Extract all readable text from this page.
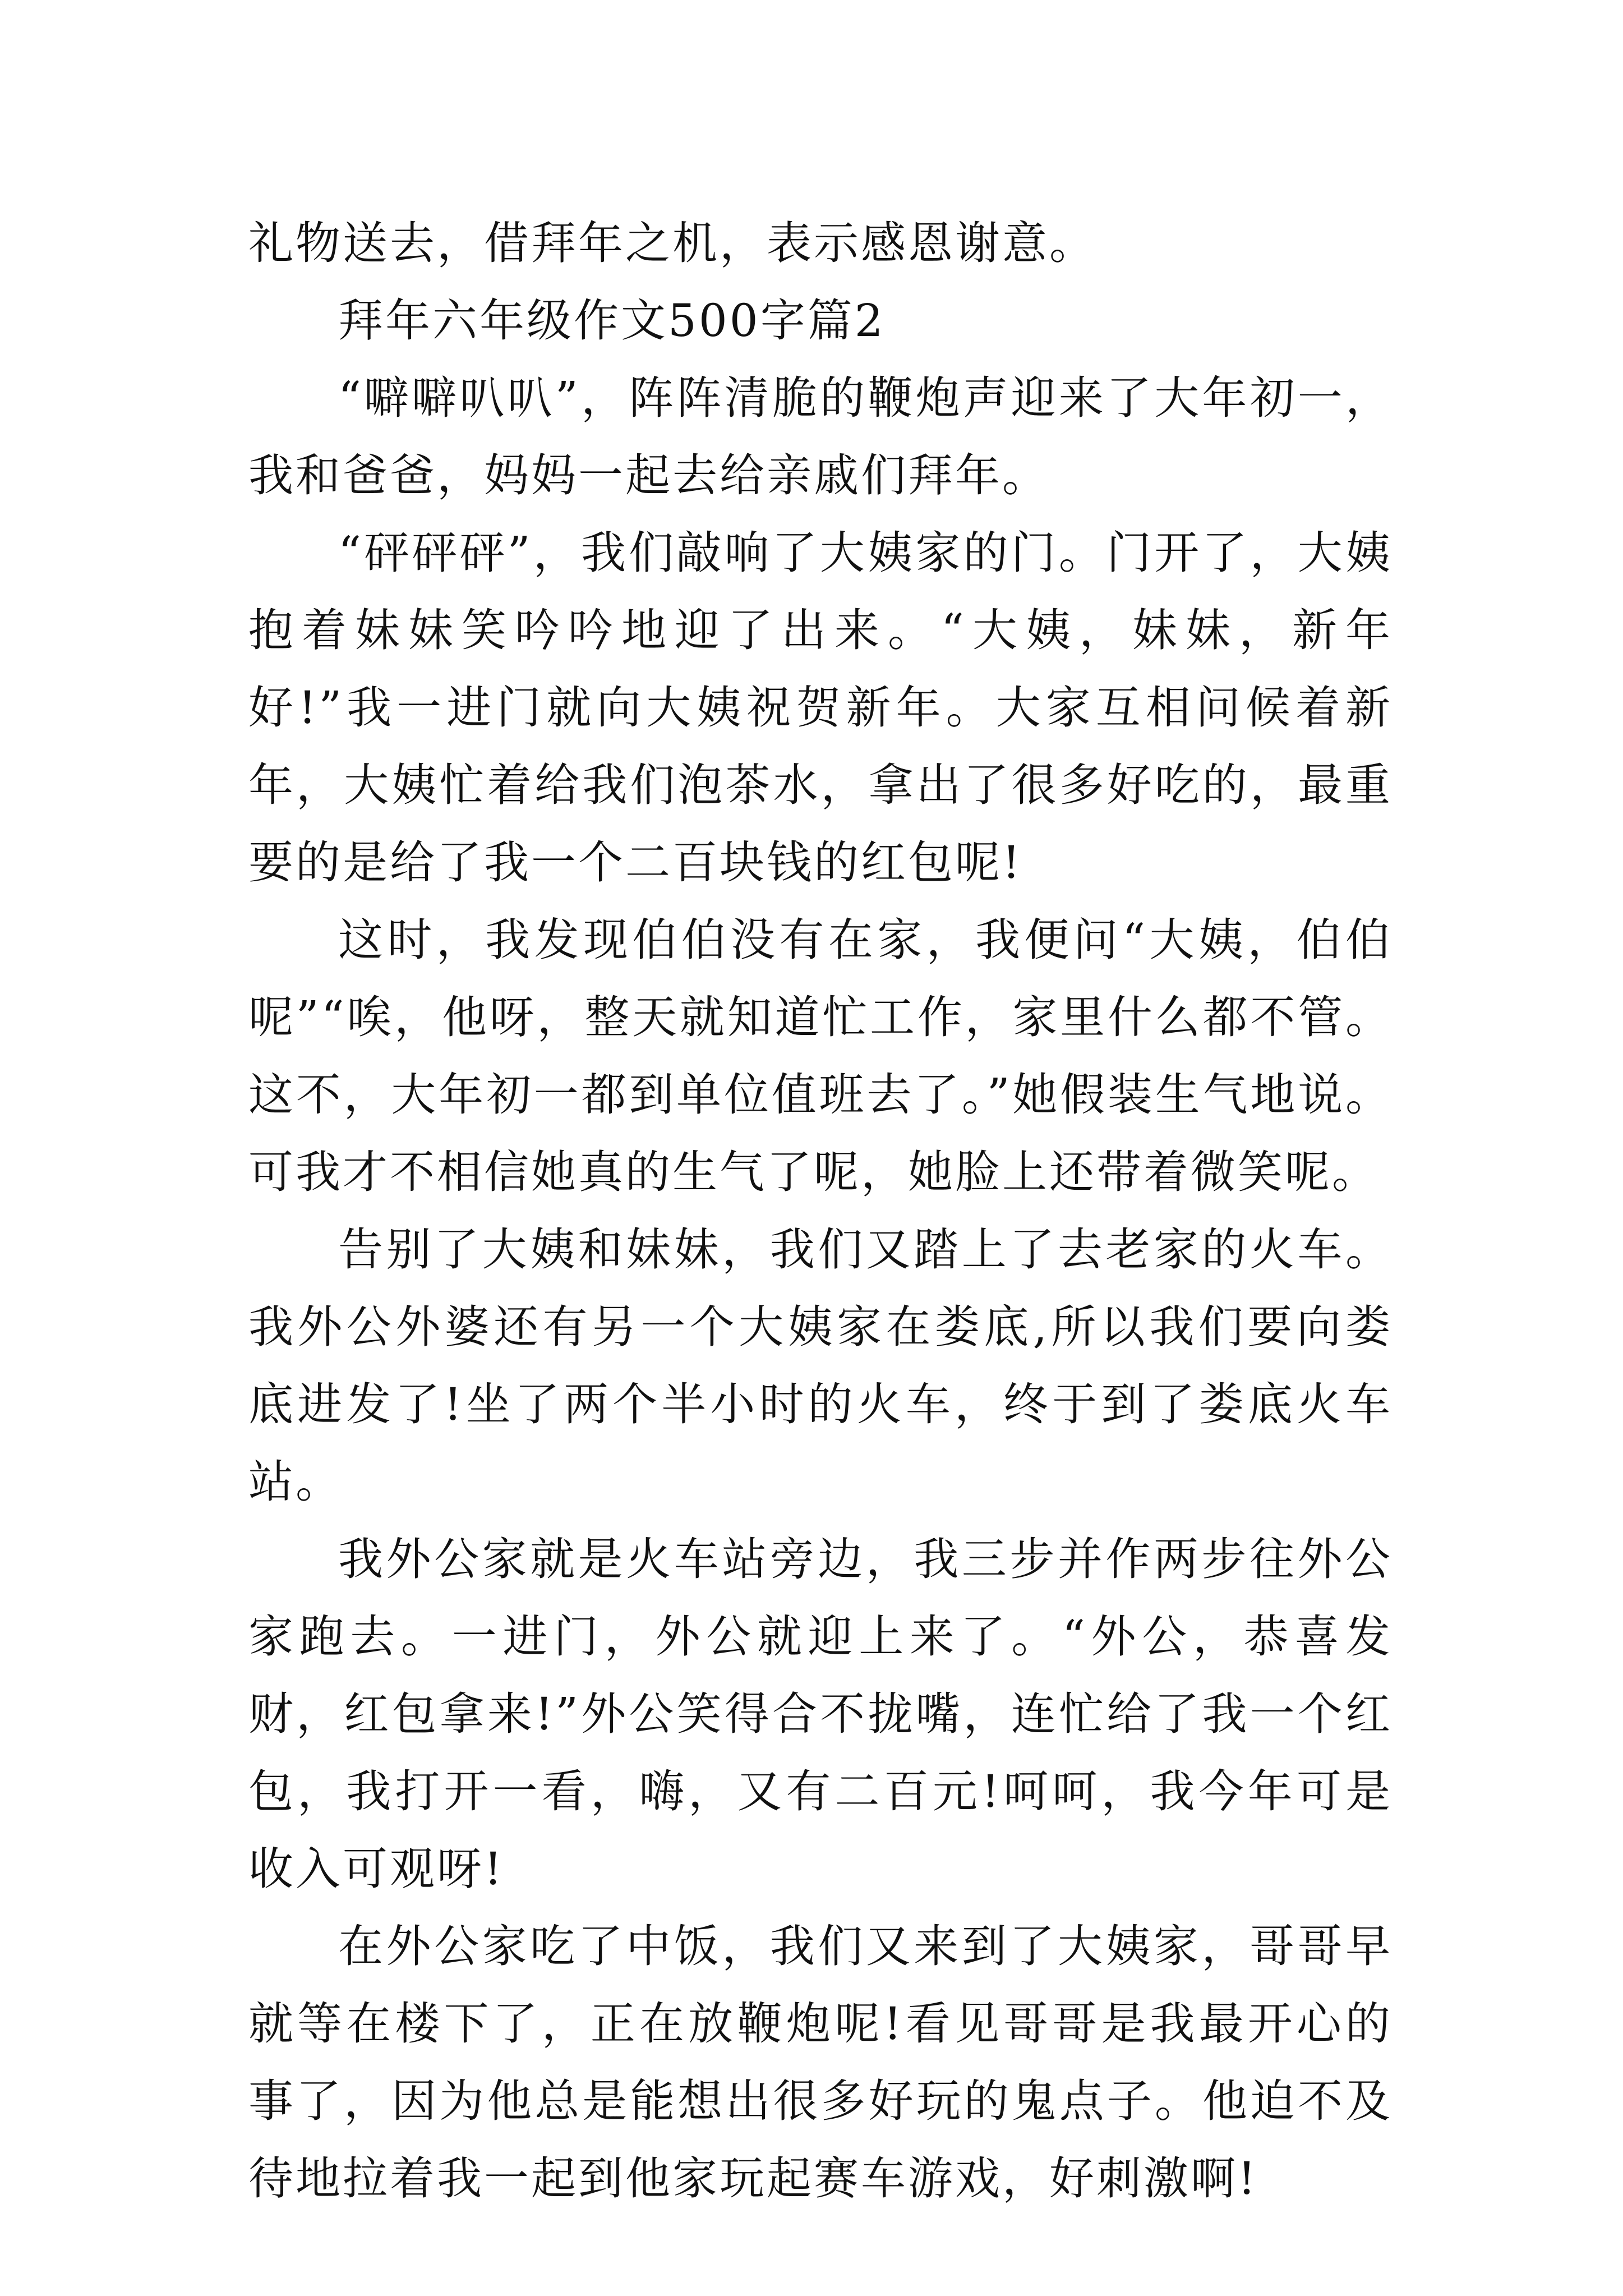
礼物送去，借拜年之机，表示感恩谢意。

拜年六年级作文500字篇2

“噼噼叭叭”，阵阵清脆的鞭炮声迎来了大年初一，我和爸爸，妈妈一起去给亲戚们拜年。

“砰砰砰”，我们敲响了大姨家的门。门开了，大姨抱着妹妹笑吟吟地迎了出来。“大姨，妹妹，新年好!”我一进门就向大姨祝贺新年。大家互相问候着新年，大姨忙着给我们泡茶水，拿出了很多好吃的，最重要的是给了我一个二百块钱的红包呢!

这时，我发现伯伯没有在家，我便问“大姨，伯伯呢”“唉，他呀，整天就知道忙工作，家里什么都不管。这不，大年初一都到单位值班去了。”她假装生气地说。可我才不相信她真的生气了呢，她脸上还带着微笑呢。

告别了大姨和妹妹，我们又踏上了去老家的火车。我外公外婆还有另一个大姨家在娄底,所以我们要向娄底进发了!坐了两个半小时的火车，终于到了娄底火车站。

我外公家就是火车站旁边，我三步并作两步往外公家跑去。一进门，外公就迎上来了。“外公，恭喜发财，红包拿来!”外公笑得合不拢嘴，连忙给了我一个红包，我打开一看，嗨，又有二百元!呵呵，我今年可是收入可观呀!

在外公家吃了中饭，我们又来到了大姨家，哥哥早就等在楼下了，正在放鞭炮呢!看见哥哥是我最开心的事了，因为他总是能想出很多好玩的鬼点子。他迫不及待地拉着我一起到他家玩起赛车游戏，好刺激啊!
